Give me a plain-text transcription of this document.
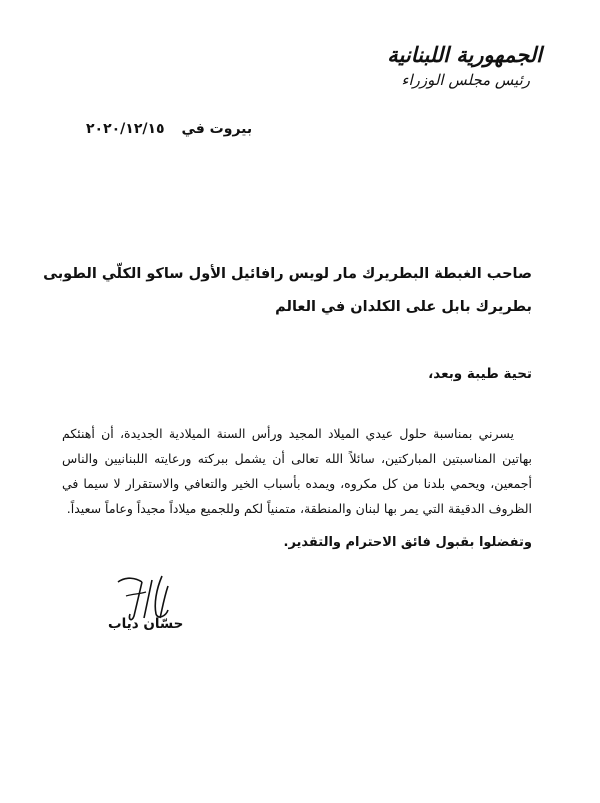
الجمهورية اللبنانية
رئيس مجلس الوزراء
بيروت في ٢٠٢٠/١٢/١٥
صاحب الغبطة البطريرك مار لويس رافائيل الأول ساكو الكلّي الطوبى
بطريرك بابل على الكلدان في العالم
تحية طيبة وبعد،

يسرني بمناسبة حلول عيدي الميلاد المجيد ورأس السنة الميلادية الجديدة، أن أهنئكم بهاتين المناسبتين المباركتين، سائلاً الله تعالى أن يشمل ببركته ورعايته اللبنانيين والناس أجمعين، ويحمي بلدنا من كل مكروه، ويمده بأسباب الخير والتعافي والاستقرار لا سيما في الظروف الدقيقة التي يمر بها لبنان والمنطقة، متمنياً لكم وللجميع ميلاداً مجيداً وعاماً سعيداً.

وتفضلوا بقبول فائق الاحترام والتقدير.
حسّان دياب
